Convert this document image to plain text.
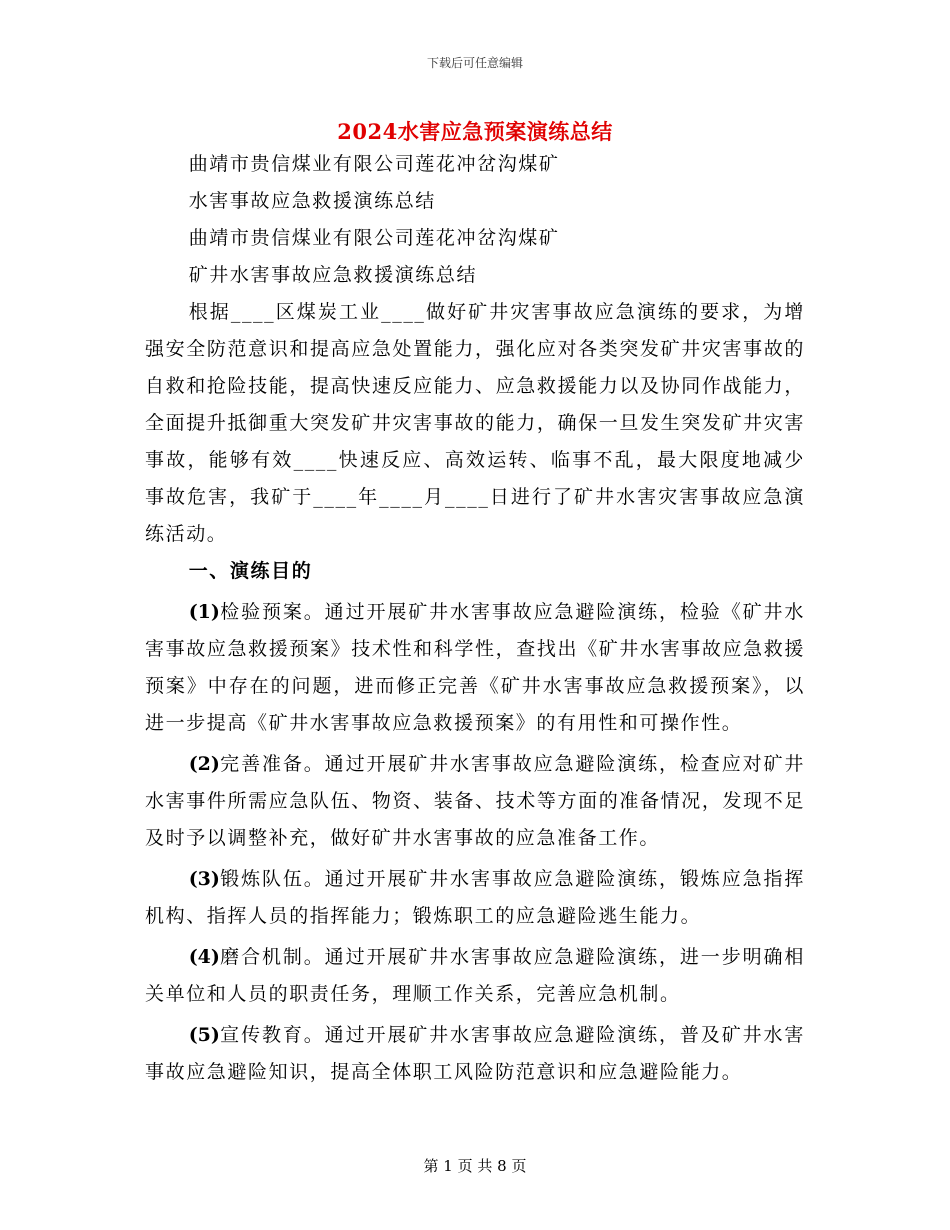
下载后可任意编辑
2024水害应急预案演练总结

曲靖市贵信煤业有限公司莲花冲岔沟煤矿

水害事故应急救援演练总结

曲靖市贵信煤业有限公司莲花冲岔沟煤矿

矿井水害事故应急救援演练总结

根据____区煤炭工业____做好矿井灾害事故应急演练的要求，为增强安全防范意识和提高应急处置能力，强化应对各类突发矿井灾害事故的自救和抢险技能，提高快速反应能力、应急救援能力以及协同作战能力，全面提升抵御重大突发矿井灾害事故的能力，确保一旦发生突发矿井灾害事故，能够有效____快速反应、高效运转、临事不乱，最大限度地减少事故危害，我矿于____年____月____日进行了矿井水害灾害事故应急演练活动。

一、演练目的

(1)检验预案。通过开展矿井水害事故应急避险演练，检验《矿井水害事故应急救援预案》技术性和科学性，查找出《矿井水害事故应急救援预案》中存在的问题，进而修正完善《矿井水害事故应急救援预案》，以进一步提高《矿井水害事故应急救援预案》的有用性和可操作性。

(2)完善准备。通过开展矿井水害事故应急避险演练，检查应对矿井水害事件所需应急队伍、物资、装备、技术等方面的准备情况，发现不足及时予以调整补充，做好矿井水害事故的应急准备工作。

(3)锻炼队伍。通过开展矿井水害事故应急避险演练，锻炼应急指挥机构、指挥人员的指挥能力；锻炼职工的应急避险逃生能力。

(4)磨合机制。通过开展矿井水害事故应急避险演练，进一步明确相关单位和人员的职责任务，理顺工作关系，完善应急机制。

(5)宣传教育。通过开展矿井水害事故应急避险演练，普及矿井水害事故应急避险知识，提高全体职工风险防范意识和应急避险能力。

第 1 页 共 8 页
